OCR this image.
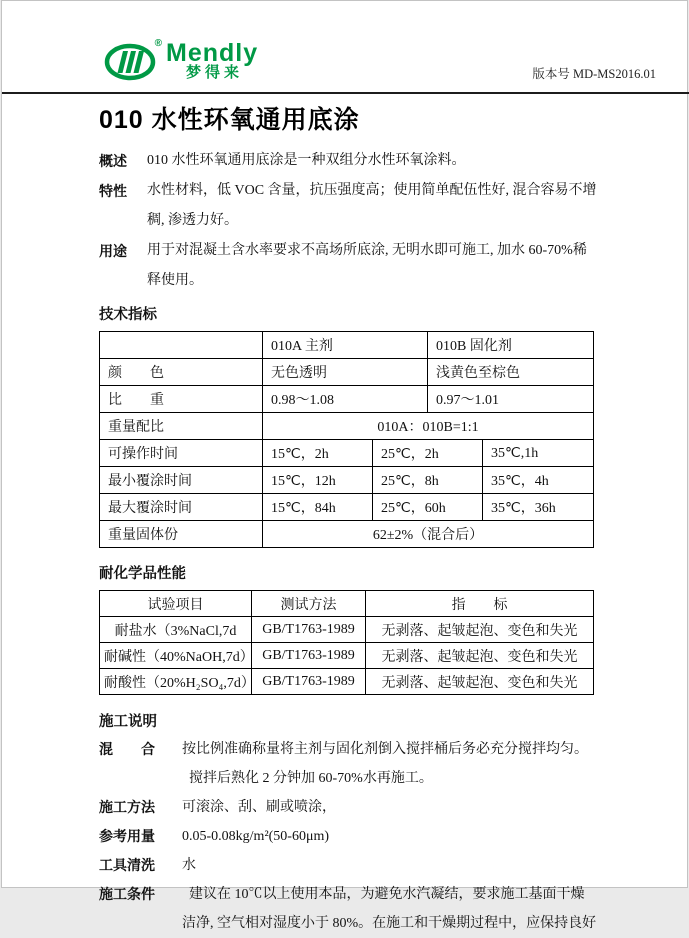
® Mendly
梦得来	版本号 MD-MS2016.01
010 水性环氧通用底涂
概述	010 水性环氧通用底涂是一种双组分水性环氧涂料。
特性	水性材料，低 VOC 含量，抗压强度高；使用简单配伍性好, 混合容易不增
稠, 渗透力好。
用途	用于对混凝土含水率要求不高场所底涂, 无明水即可施工, 加水 60-70%稀
释使用。
技术指标
	010A 主剂		010B 固化剂	
颜　　色	无色透明		浅黄色至棕色	
比　　重	0.98～1.08		0.97～1.01	
重量配比	010A：010B=1:1			
可操作时间	15℃，2h	25℃，2h		35℃,1h
最小覆涂时间	15℃，12h	25℃，8h		35℃，4h
最大覆涂时间	15℃，84h	25℃，60h		35℃，36h
重量固体份	62±2%（混合后）			
耐化学品性能
试验项目	测试方法	指　　标
耐盐水（3%NaCl,7d	GB/T1763-1989	无剥落、起皱起泡、变色和失光
耐碱性（40%NaOH,7d）	GB/T1763-1989	无剥落、起皱起泡、变色和失光
耐酸性（20%H₂SO₄,7d）	GB/T1763-1989	无剥落、起皱起泡、变色和失光
施工说明
混　　合	按比例准确称量将主剂与固化剂倒入搅拌桶后务必充分搅拌均匀。
搅拌后熟化 2 分钟加 60-70%水再施工。
施工方法	可滚涂、刮、刷或喷涂，
参考用量	0.05-0.08kg/m²(50-60μm)
工具清洗	水
施工条件	建议在 10℃以上使用本品，为避免水汽凝结，要求施工基面干燥
洁净, 空气相对湿度小于 80%。在施工和干燥期过程中，应保持良好
